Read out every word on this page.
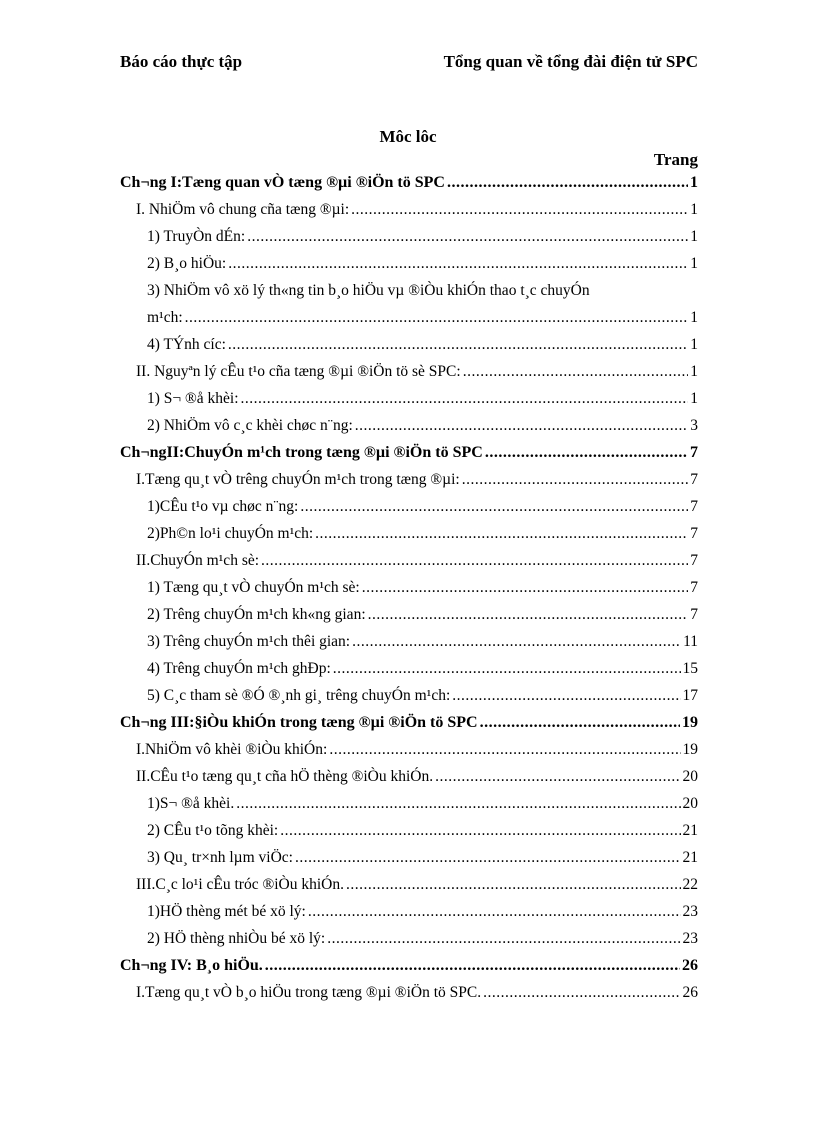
Báo cáo thực tập	Tổng quan về tổng đài điện tử SPC
Môc lôc
Trang
Ch¬ng I:Tæng quan vÒ tæng ®µi ®iÖn tö SPC .....	1
I. NhiÖm vô chung cña tæng ®µi: .....	1
1) TruyÒn dÉn: .....	1
2) B¸o hiÖu: .....	1
3) NhiÖm vô xö lý th«ng tin b¸o hiÖu vµ ®iÒu khiÓn thao t¸c chuyÓn
m¹ch: .....	1
4) TÝnh cíc: .....	1
II. Nguyªn lý cÊu t¹o cña tæng ®µi ®iÖn tö sè SPC: .....	1
1) S¬ ®å khèi: .....	1
2) NhiÖm vô c¸c khèi chøc n¨ng: .....	3
Ch¬ngII:ChuyÓn m¹ch trong tæng ®µi ®iÖn tö SPC .....	7
I.Tæng qu¸t vÒ trêng chuyÓn m¹ch trong tæng ®µi: .....	7
1)CÊu t¹o vµ chøc n¨ng: .....	7
2)Ph©n lo¹i chuyÓn m¹ch: .....	7
II.ChuyÓn m¹ch sè: .....	7
1) Tæng qu¸t vÒ chuyÓn m¹ch sè: .....	7
2) Trêng chuyÓn m¹ch kh«ng gian: .....	7
3) Trêng chuyÓn m¹ch thêi gian: .....	11
4) Trêng chuyÓn m¹ch ghÐp: .....	15
5) C¸c tham sè ®Ó ®¸nh gi¸ trêng chuyÓn m¹ch: .....	17
Ch¬ng III:§iÒu khiÓn trong tæng ®µi ®iÖn tö SPC .....	19
I.NhiÖm vô khèi ®iÒu khiÓn: .....	19
II.CÊu t¹o tæng qu¸t cña hÖ thèng ®iÒu khiÓn. .....	20
1)S¬ ®å khèi. .....	20
2) CÊu t¹o tõng khèi: .....	21
3) Qu¸ tr×nh lµm viÖc: .....	21
III.C¸c lo¹i cÊu tróc ®iÒu khiÓn. .....	22
1)HÖ thèng mét bé xö lý: .....	23
2) HÖ thèng nhiÒu bé xö lý: .....	23
Ch¬ng IV: B¸o hiÖu. .....	26
I.Tæng qu¸t vÒ b¸o hiÖu trong tæng ®µi ®iÖn tö SPC. .....	26
